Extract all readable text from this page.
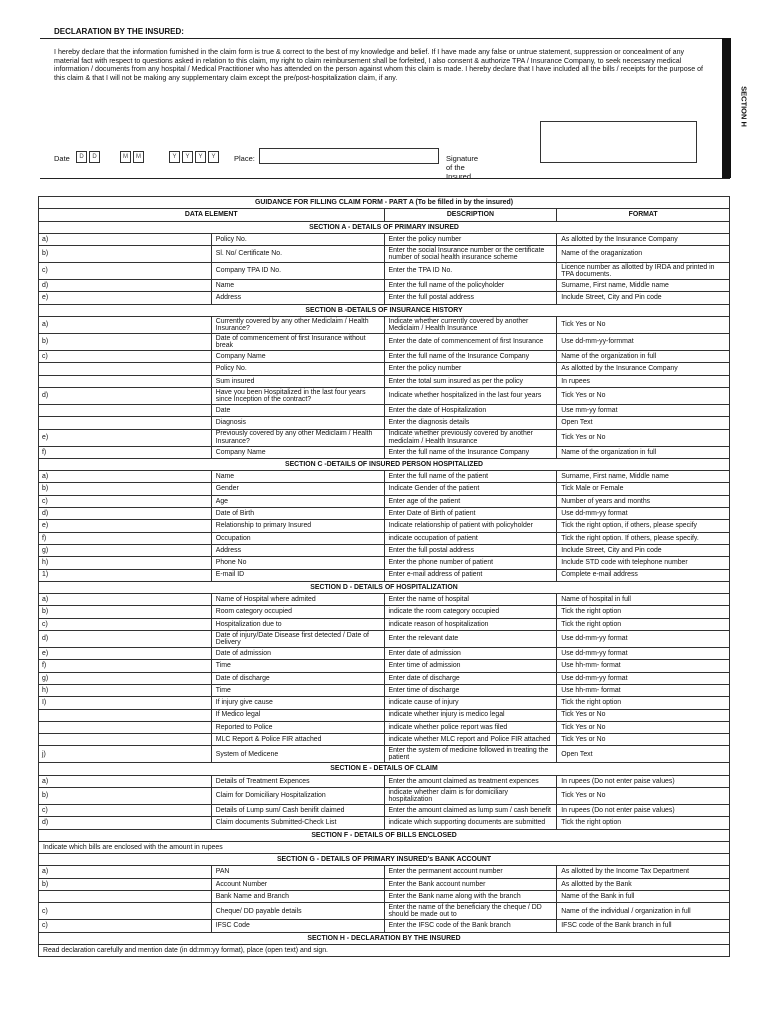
DECLARATION BY THE INSURED:
I hereby declare that the information furnished in the claim form is true & correct to the best of my knowledge and belief. If I have made any false or untrue statement, suppression or concealment of any material fact with respect to questions asked in relation to this claim, my right to claim reimbursement shall be forfeited, I also consent & authorize TPA / Insurance Company, to seek necessary medical information / documents from any hospital / Medical Practitioner who has attended on the person against whom this claim is made. I hereby declare that I have included all the bills / receipts for the purpose of this claim & that I will not be making any supplementary claim except the pre/post-hospitalization claim, if any.
SECTION H
Date	D	D	M	M	Y	Y	Y	Y	Place:	Signature of the Insured
GUIDANCE FOR FILLING CLAIM FORM - PART A (To be filled in by the insured)			
DATA ELEMENT		DESCRIPTION	FORMAT
SECTION A - DETAILS OF PRIMARY INSURED			
a)	Policy No.	Enter the policy number	As allotted by the Insurance Company
b)	Sl. No/ Certificate No.	Enter the social Insurance number or the certificate number of social health insurance scheme	Name of the oraganization
c)	Company TPA ID No.	Enter the TPA ID No.	Licence number as allotted by IRDA and printed in TPA documents.
d)	Name	Enter the full name of the policyholder	Surname, First name, Middle name
e)	Address	Enter the full postal address	Include Street, City and Pin code
SECTION B -DETAILS OF INSURANCE HISTORY			
a)	Currently covered by any other Mediclaim / Health Insurance?	Indicate whether currently covered by another Mediclaim / Health Insurance	Tick Yes or No
b)	Date of commencement of first Insurance without break	Enter the date of commencement of first Insurance	Use dd-mm-yy-formmat
c)	Company Name	Enter the full name of the Insurance Company	Name of the organization in full
	Policy No.	Enter the policy number	As allotted by the Insurance Company
	Sum insured	Enter the total sum insured as per the policy	In rupees
d)	Have you been Hospitalized in the last four years since Inception of the contract?	Indicate whether hospitalized in the last four years	Tick Yes or No
	Date	Enter the date of Hospitalization	Use mm-yy format
	Diagnosis	Enter the diagnosis details	Open Text
e)	Previously covered by any other Mediclaim / Health Insurance?	Indicate whether previously covered by another mediclaim / Health Insurance	Tick Yes or No
f)	Company Name	Enter the full name of the Insurance Company	Name of the organization in full
SECTION C -DETAILS OF INSURED PERSON HOSPITALIZED			
a)	Name	Enter the full name of the patient	Surname, First name, Middle name
b)	Gender	Indicate Gender of the patient	Tick Male or Female
c)	Age	Enter age of the patient	Number of years and months
d)	Date of Birth	Enter Date of Birth of patient	Use dd-mm-yy format
e)	Relationship to primary Insured	Indicate relationship of patient with policyholder	Tick the right option, if others, please specify
f)	Occupation	indicate occupation of patient	Tick the right option. If others, please specify.
g)	Address	Enter the full postal address	Include Street, City and Pin code
h)	Phone No	Enter the phone number of patient	Include STD code with telephone number
1)	E-mail ID	Enter e-mail address of patient	Complete e-mail address
SECTION D - DETAILS OF HOSPITALIZATION			
a)	Name of Hospital where admited	Enter the name of hospital	Name of hospital in full
b)	Room category occupied	indicate the room category occupied	Tick the right option
c)	Hospitalization due to	indicate reason of hospitalization	Tick the right option
d)	Date of injury/Date Disease first detected / Date of Delivery	Enter the relevant date	Use dd-mm-yy format
e)	Date of admission	Enter date of admission	Use dd-mm-yy format
f)	Time	Enter time of admission	Use hh-mm- format
g)	Date of discharge	Enter date of discharge	Use dd-mm-yy format
h)	Time	Enter time of discharge	Use hh-mm- format
I)	If injury give cause	indicate cause of injury	Tick the right option
	If Medico legal	indicate whether injury is medico legal	Tick Yes or No
	Reported to Police	indicate whether police report was filed	Tick Yes or No
	MLC Report & Police FIR attached	indicate whether MLC report and Police FIR attached	Tick Yes or No
j)	System of Medicene	Enter the system of medicine followed in treating the patient	Open Text
SECTION E - DETAILS OF CLAIM			
a)	Details of Treatment Expences	Enter the amount claimed as treatment expences	In rupees (Do not enter paise values)
b)	Claim for Domiciliary Hospitalization	indicate whether claim is for domiciliary hospitalization	Tick Yes or No
c)	Details of Lump sum/ Cash benifit claimed	Enter the amount claimed as lump sum / cash benefit	In rupees (Do not enter paise values)
d)	Claim documents Submitted-Check List	indicate which supporting documents are submitted	Tick the right option
SECTION F - DETAILS OF BILLS ENCLOSED			
Indicate which bills are enclosed with the amount in rupees			
SECTION G - DETAILS OF PRIMARY INSURED's BANK ACCOUNT			
a)	PAN	Enter the permanent account number	As allotted by the Income Tax Department
b)	Account Number	Enter the Bank account number	As allotted by the Bank
	Bank Name and Branch	Enter the Bank name along with the branch	Name of the Bank in full
c)	Cheque/ DD payable details	Enter the name of the beneficiary the cheque / DD should be made out to	Name of the individual / organization in full
c)	IFSC Code	Enter the IFSC code of the Bank branch	IFSC code of the Bank branch in full
SECTION H - DECLARATION BY THE INSURED			
Read declaration carefully and mention date (in dd:mm:yy format), place (open text) and sign.			
